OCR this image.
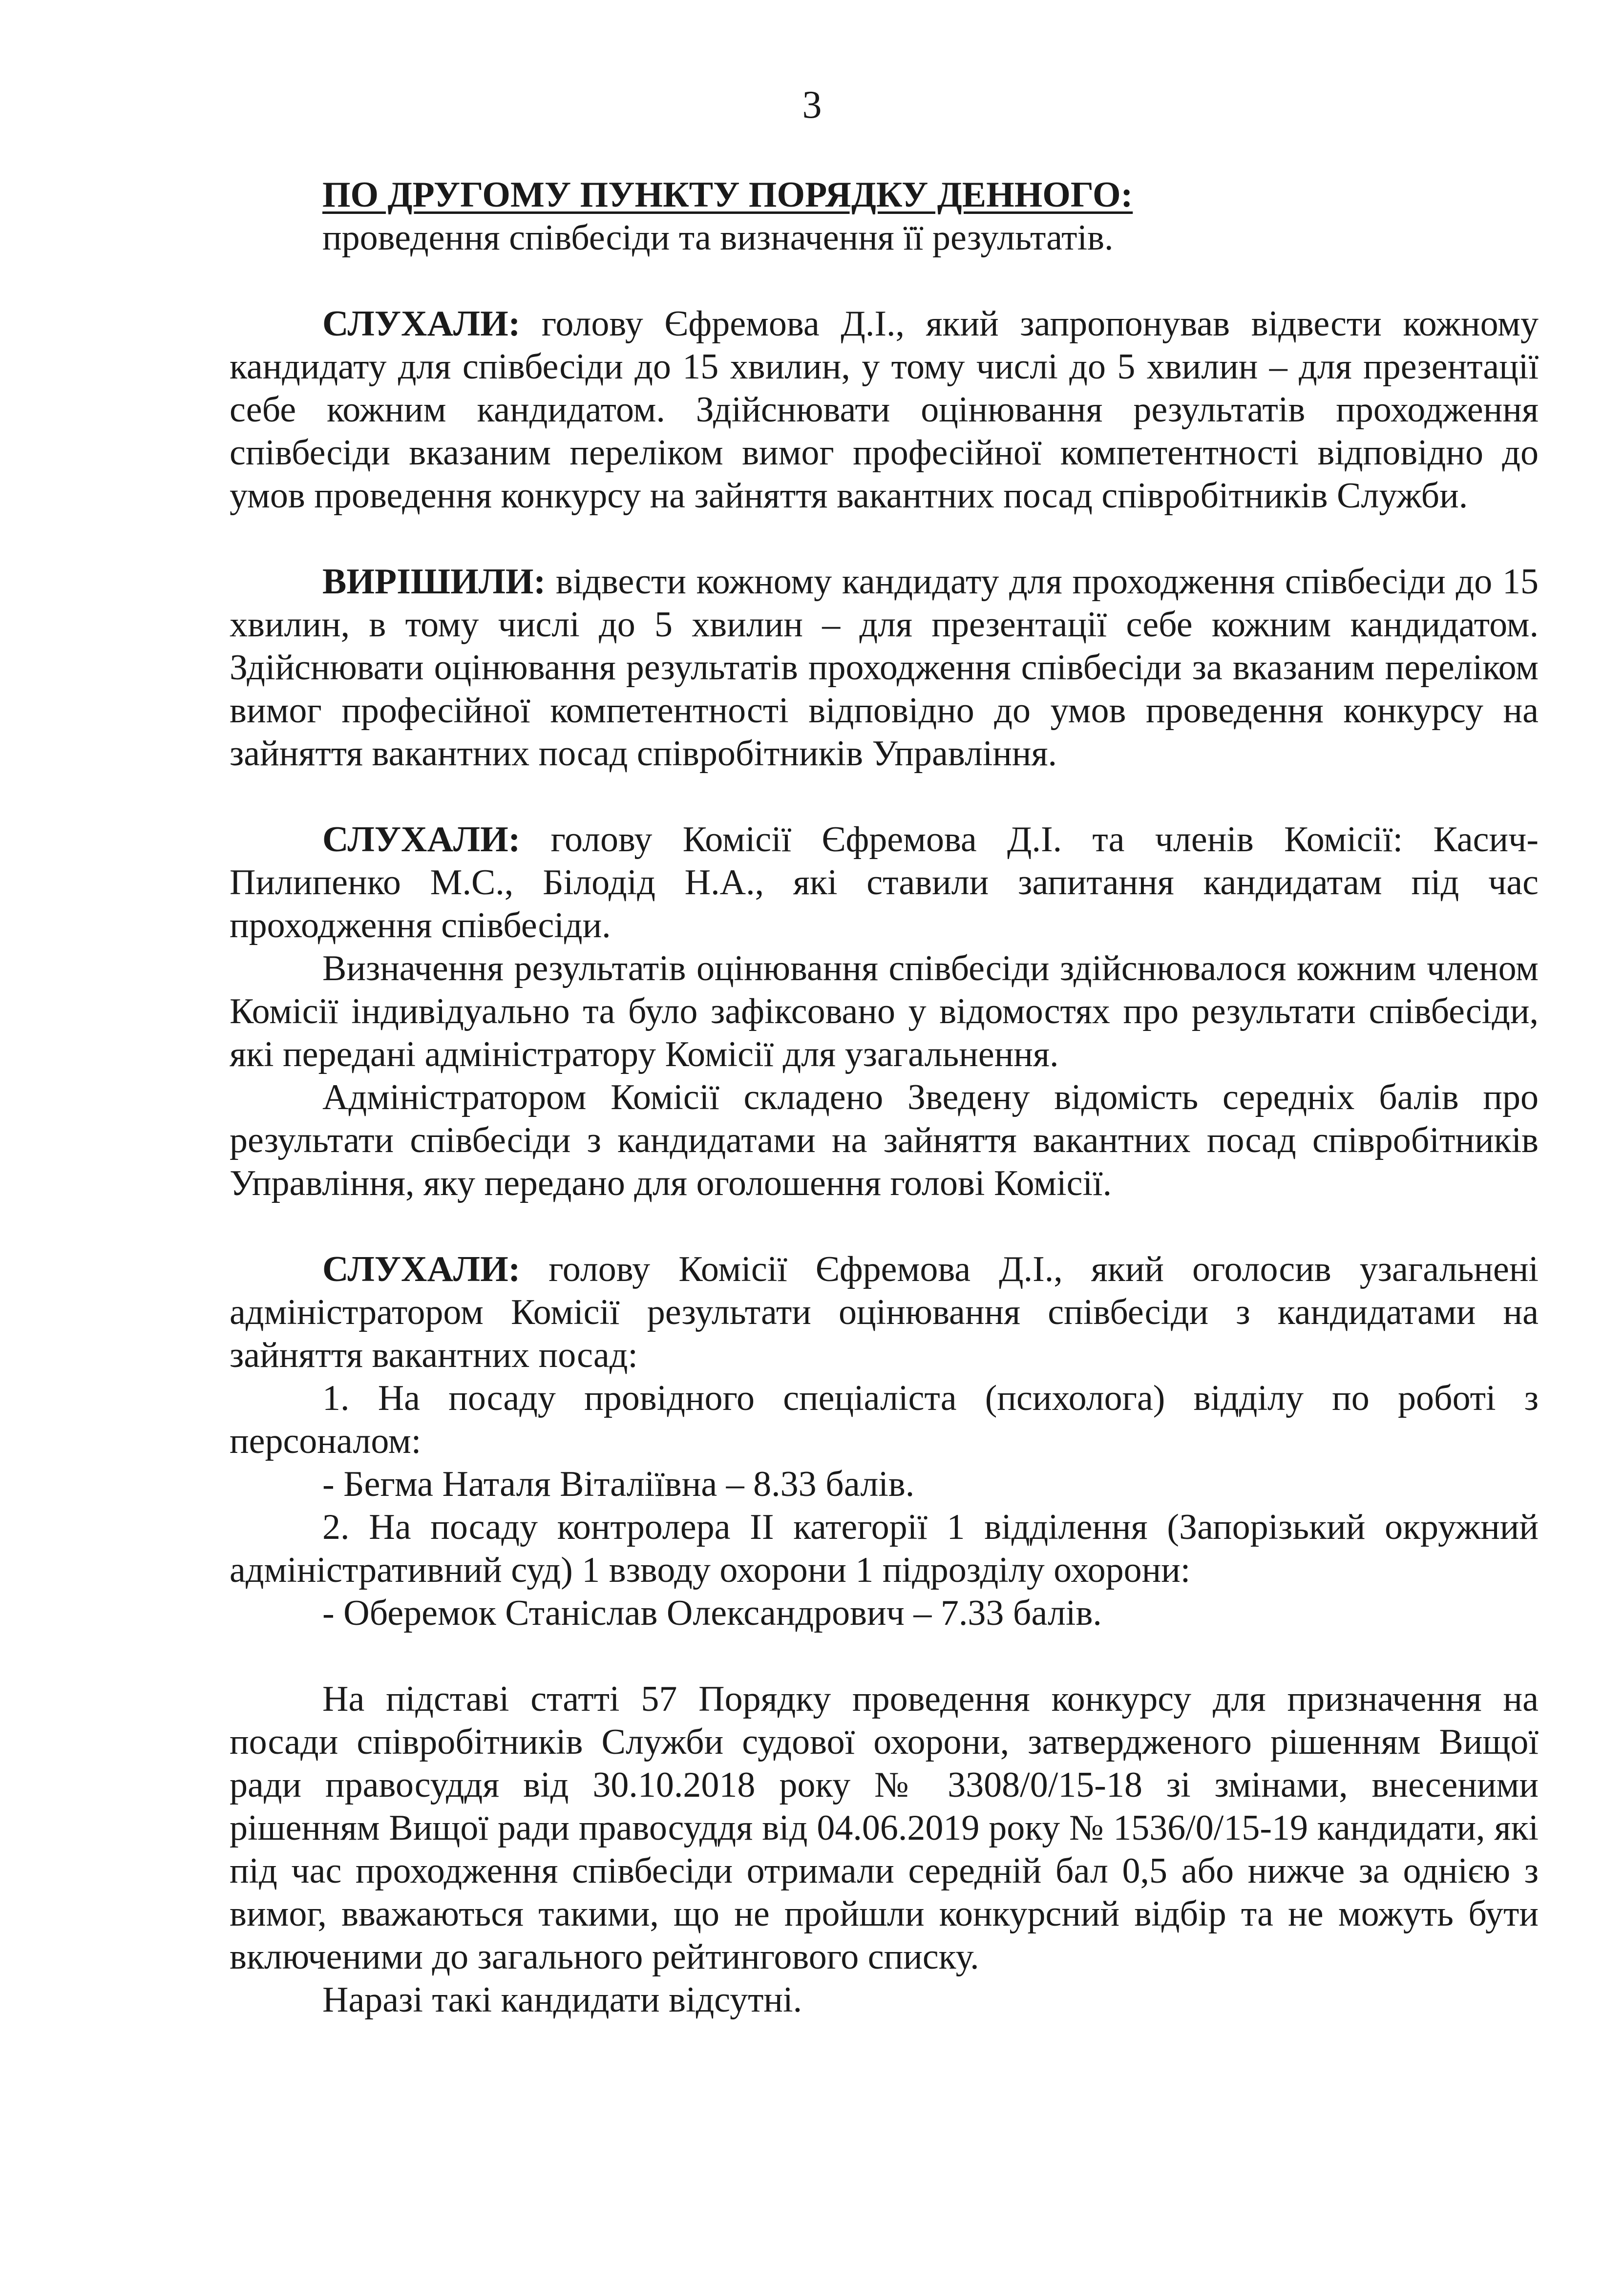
3

ПО ДРУГОМУ ПУНКТУ ПОРЯДКУ ДЕННОГО:

проведення співбесіди та визначення її результатів.

СЛУХАЛИ: голову Єфремова Д.І., який запропонував відвести кожному кандидату для співбесіди до 15 хвилин, у тому числі до 5 хвилин – для презентації себе кожним кандидатом. Здійснювати оцінювання результатів проходження співбесіди вказаним переліком вимог професійної компетентності відповідно до умов проведення конкурсу на зайняття вакантних посад співробітників Служби.

ВИРІШИЛИ: відвести кожному кандидату для проходження співбесіди до 15 хвилин, в тому числі до 5 хвилин – для презентації себе кожним кандидатом. Здійснювати оцінювання результатів проходження співбесіди за вказаним переліком вимог професійної компетентності відповідно до умов проведення конкурсу на зайняття вакантних посад співробітників Управління.

СЛУХАЛИ: голову Комісії Єфремова Д.І. та членів Комісії: Касич-Пилипенко М.С., Білодід Н.А., які ставили запитання кандидатам під час проходження співбесіди.

Визначення результатів оцінювання співбесіди здійснювалося кожним членом Комісії індивідуально та було зафіксовано у відомостях про результати співбесіди, які передані адміністратору Комісії для узагальнення.

Адміністратором Комісії складено Зведену відомість середніх балів про результати співбесіди з кандидатами на зайняття вакантних посад співробітників Управління, яку передано для оголошення голові Комісії.

СЛУХАЛИ: голову Комісії Єфремова Д.І., який оголосив узагальнені адміністратором Комісії результати оцінювання співбесіди з кандидатами на зайняття вакантних посад:

1. На посаду провідного спеціаліста (психолога) відділу по роботі з персоналом:

- Бегма Наталя Віталіївна – 8.33 балів.

2. На посаду контролера ІІ категорії 1 відділення (Запорізький окружний адміністративний суд) 1 взводу охорони 1 підрозділу охорони:

- Оберемок Станіслав Олександрович – 7.33 балів.

На підставі статті 57 Порядку проведення конкурсу для призначення на посади співробітників Служби судової охорони, затвердженого рішенням Вищої ради правосуддя від 30.10.2018 року № 3308/0/15-18 зі змінами, внесеними рішенням Вищої ради правосуддя від 04.06.2019 року № 1536/0/15-19 кандидати, які під час проходження співбесіди отримали середній бал 0,5 або нижче за однією з вимог, вважаються такими, що не пройшли конкурсний відбір та не можуть бути включеними до загального рейтингового списку.

Наразі такі кандидати відсутні.
